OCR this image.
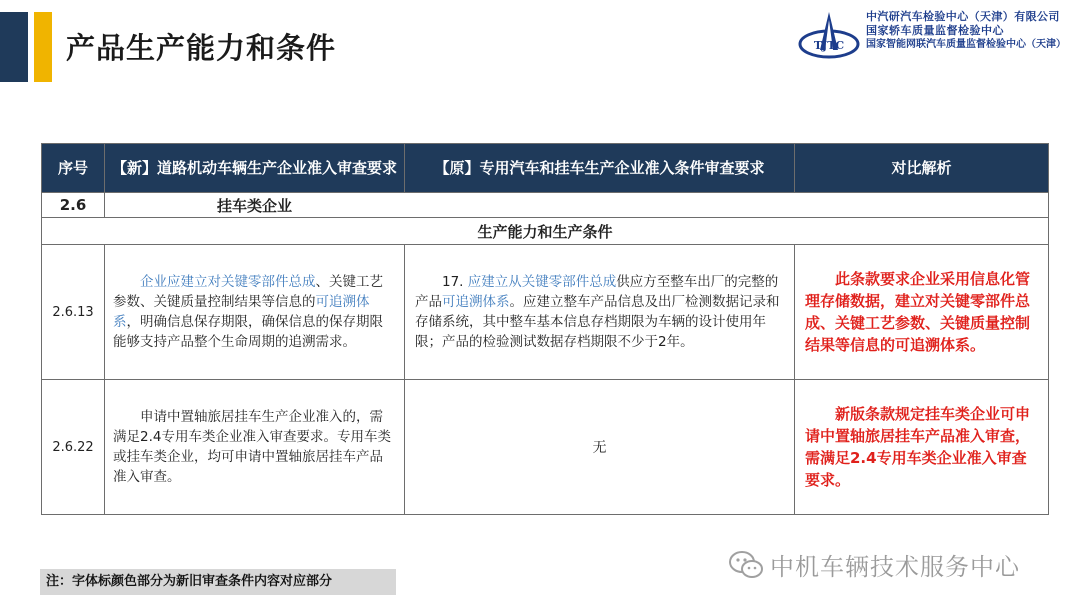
产品生产能力和条件	TJTC
中汽研汽车检验中心（天津）有限公司
国家轿车质量监督检验中心
国家智能网联汽车质量监督检验中心（天津）
序号	【新】道路机动车辆生产企业准入审查要求	【原】专用汽车和挂车生产企业准入条件审查要求	对比解析
2.6	挂车类企业		
生产能力和生产条件			
2.6.13	企业应建立对关键零部件总成、关键工艺参数、关键质量控制结果等信息的可追溯体系，明确信息保存期限，确保信息的保存期限能够支持产品整个生命周期的追溯需求。	17. 应建立从关键零部件总成供应方至整车出厂的完整的产品可追溯体系。应建立整车产品信息及出厂检测数据记录和存储系统，其中整车基本信息存档期限为车辆的设计使用年限；产品的检验测试数据存档期限不少于2年。	此条款要求企业采用信息化管理存储数据，建立对关键零部件总成、关键工艺参数、关键质量控制结果等信息的可追溯体系。
2.6.22	申请中置轴旅居挂车生产企业准入的，需满足2.4专用车类企业准入审查要求。专用车类或挂车类企业，均可申请中置轴旅居挂车产品准入审查。	无	新版条款规定挂车类企业可申请中置轴旅居挂车产品准入审查，需满足2.4专用车类企业准入审查要求。
注：字体标颜色部分为新旧审查条件内容对应部分
中机车辆技术服务中心
